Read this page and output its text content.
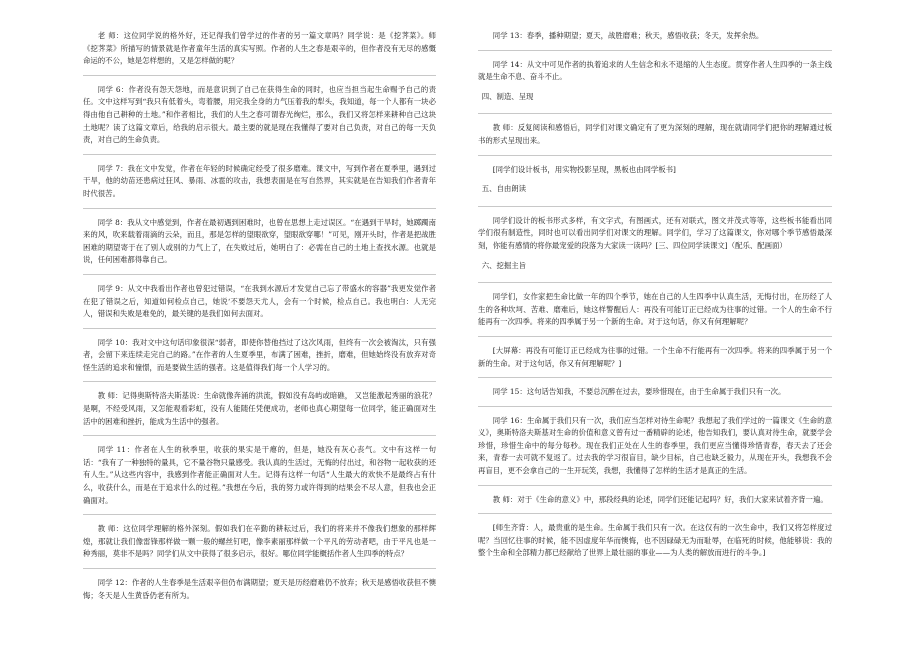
老 师：这位同学说的格外好，还记得我们曾学过的作者的另一篇文章吗？同学说：是《挖荠菜》。师《挖荠菜》所描写的情景就是作者童年生活的真实写照。作者的人生之春是艰辛的，但作者没有无尽的感慨命运的不公，她是怎样想的，又是怎样做的呢？

同学 6：作者没有怨天怨地，而是意识到了自己在获得生命的同时，也应当担当起生命赐予自己的责任。文中这样写到“我只有低着头，弯着腰，用完我全身的力气压着我的犁头，我知道，每一个人都有一块必得由他自己耕种的土地。”和作者相比，我们的人生之春可谓春光绚烂，那么，我们又将怎样来耕种自己这块土地呢？读了这篇文章后，给我的启示很大。最主要的就是现在我懂得了要对自己负责，对自己的每一天负责，对自己的生命负责。

同学 7：我在文中发觉，作者在年轻的时候确定经受了很多磨难。课文中，写到作者在夏季里，遇到过干旱，他的幼苗还患病过狂风、暴雨、冰雹的攻击，我想表面是在写自然界，其实就是在告知我们作者青年时代很苦。

同学 8：我从文中感觉到，作者在最初遇到困难时，也曾在思想上走过误区。“在遇到干旱时，她踯躅南来的风，吹来载着雨滴的云朵，而且，那是怎样的望眼欲穿，望眼欲穿哪！”可见，刚开头时，作者是把战胜困难的期望寄于在了别人或别的力气上了，在失败过后，她明白了：必需在自己的土地上查找水源。也就是说，任何困难都得靠自己。

同学 9：从文中我看出作者也曾犯过错误，“在我到水源后才发觉自己忘了带盛水的容器”我更发觉作者在犯了错误之后，知道如何检点自己，她说‘不要怨天尤人，会有一个时候，检点自己。我也明白：人无完人，错误和失败是难免的，最关键的是我们如何去面对。

同学 10：我对文中这句话印象很深“弱者，即使你替他挡过了这次风雨，但终有一次会被淘汰，只有强者，会留下来连续走完自己的路。”在作者的人生夏季里，布满了困难，挫折，磨难，但她始终没有放弃对奇怪生活的追求和憧憬，而是要做生活的强者。这是值得我们每一个人学习的。

教 师：记得奥斯特洛夫斯基说：生命就像奔涌的洪流，假如没有岛屿或暗礁， 又岂能激起秀丽的浪花？是啊，不经受风雨，又怎能观看彩虹，没有人能随任凭便成功，老师也真心期望每一位同学，能正确面对生活中的困难和挫折，能成为生活中的强者。

同学 11：作者在人生的秋季里，收获的果实是干瘪的，但是，她没有灰心丧气。文中有这样一句话：“我有了一种独特的量具，它不量谷物只量感受。我认真的生活过，无悔的付出过，和谷物一起收获的还有人生。”从这些内容中，我感到作者能正确面对人生。记得有这样一句话“人生最大的欢快不是最终占有什么，收获什么，而是在于追求什么的过程。”我想在今后，我的努力或许得到的结果会不尽人意，但我也会正确面对。

教 师：这位同学理解的格外深刻。假如我们在辛勤的耕耘过后，我们的将来并不像我们想象的那样辉煌，那就让我们像雷锋那样做一颗一般的螺丝钉吧，像李素丽那样做一个平凡的劳动者吧，由于平凡也是一种秀丽，莫非不是吗？同学们从文中获得了很多启示，很好。哪位同学能概括作者人生四季的特点？

同学 12：作者的人生春季是生活艰辛但仍布满期望；夏天是历经磨难仍不放弃；秋天是感悟收获但不懊悔；冬天是人生黄昏仍老有所为。

同学 13：春季，播种期望；夏天，战胜磨难；秋天，感悟收获；冬天，发挥余热。

同学 14：从文中可见作者的执着追求的人生信念和永不退缩的人生态度。贯穿作者人生四季的一条主线就是生命不息、奋斗不止。

四、制造、呈现

教 师：反复阅读和感悟后，同学们对课文确定有了更为深刻的理解，现在就请同学们把你的理解通过板书的形式呈现出来。

[同学们设计板书，用实物投影呈现，黑板也由同学板书]

五、自由朗读

同学们设计的板书形式多样，有文字式，有图画式，还有对联式，图文并茂式等等，这些板书能看出同学们很有制造性，同时也可以看出同学们对课文的理解。同学们，学习了这篇课文，你对哪个季节感悟最深刻，你能有感情的将你最宠爱的段落为大家读一读吗？[三、四位同学读课文]（配乐、配画面）

六、挖掘主旨

同学们，女作家把生命比做一年的四个季节，她在自己的人生四季中认真生活，无悔付出，在历经了人生的各种坎坷、苦难、磨难后，她这样警醒后人：再没有可能订正已经成为往事的过错。一个人的生命不行能再有一次四季。将来的四季属于另一个新的生命。对于这句话，你又有何理解呢？

[大屏幕：再没有可能订正已经成为往事的过错。一个生命不行能再有一次四季。将来的四季属于另一个新的生命。对于这句话，你又有何理解呢？]

同学 15：这句话告知我，不要总沉醉在过去，要珍惜现在，由于生命属于我们只有一次。

同学 16：生命属于我们只有一次，我们应当怎样对待生命呢？我想起了我们学过的一篇课文《生命的意义》，奥斯特洛夫斯基对生命的价值和意义曾有过一番精辟的论述，他告知我们，要认真对待生命，就要学会珍惜，珍惜生命中的每分每秒。现在我们正处在人生的春季里，我们更应当懂得珍惜青春，春天去了还会来，青春一去可就不复返了。过去我的学习很盲目，缺少目标，自己也缺乏毅力，从现在开头，我想我不会再盲目，更不会拿自己的一生开玩笑，我想，我懂得了怎样的生活才是真正的生活。

教 师：对于《生命的意义》中，那段经典的论述，同学们还能记起吗？好，我们大家来试着齐背一遍。

[师生齐背：人，最贵重的是生命。生命属于我们只有一次。在这仅有的一次生命中，我们又将怎样度过呢？当回忆往事的时候，能不因虚度年华而懊悔，也不因碌碌无为而耻辱，在临死的时候，他能够说：我的整个生命和全部精力都已经献给了世界上最壮丽的事业——为人类的解放而进行的斗争。]
